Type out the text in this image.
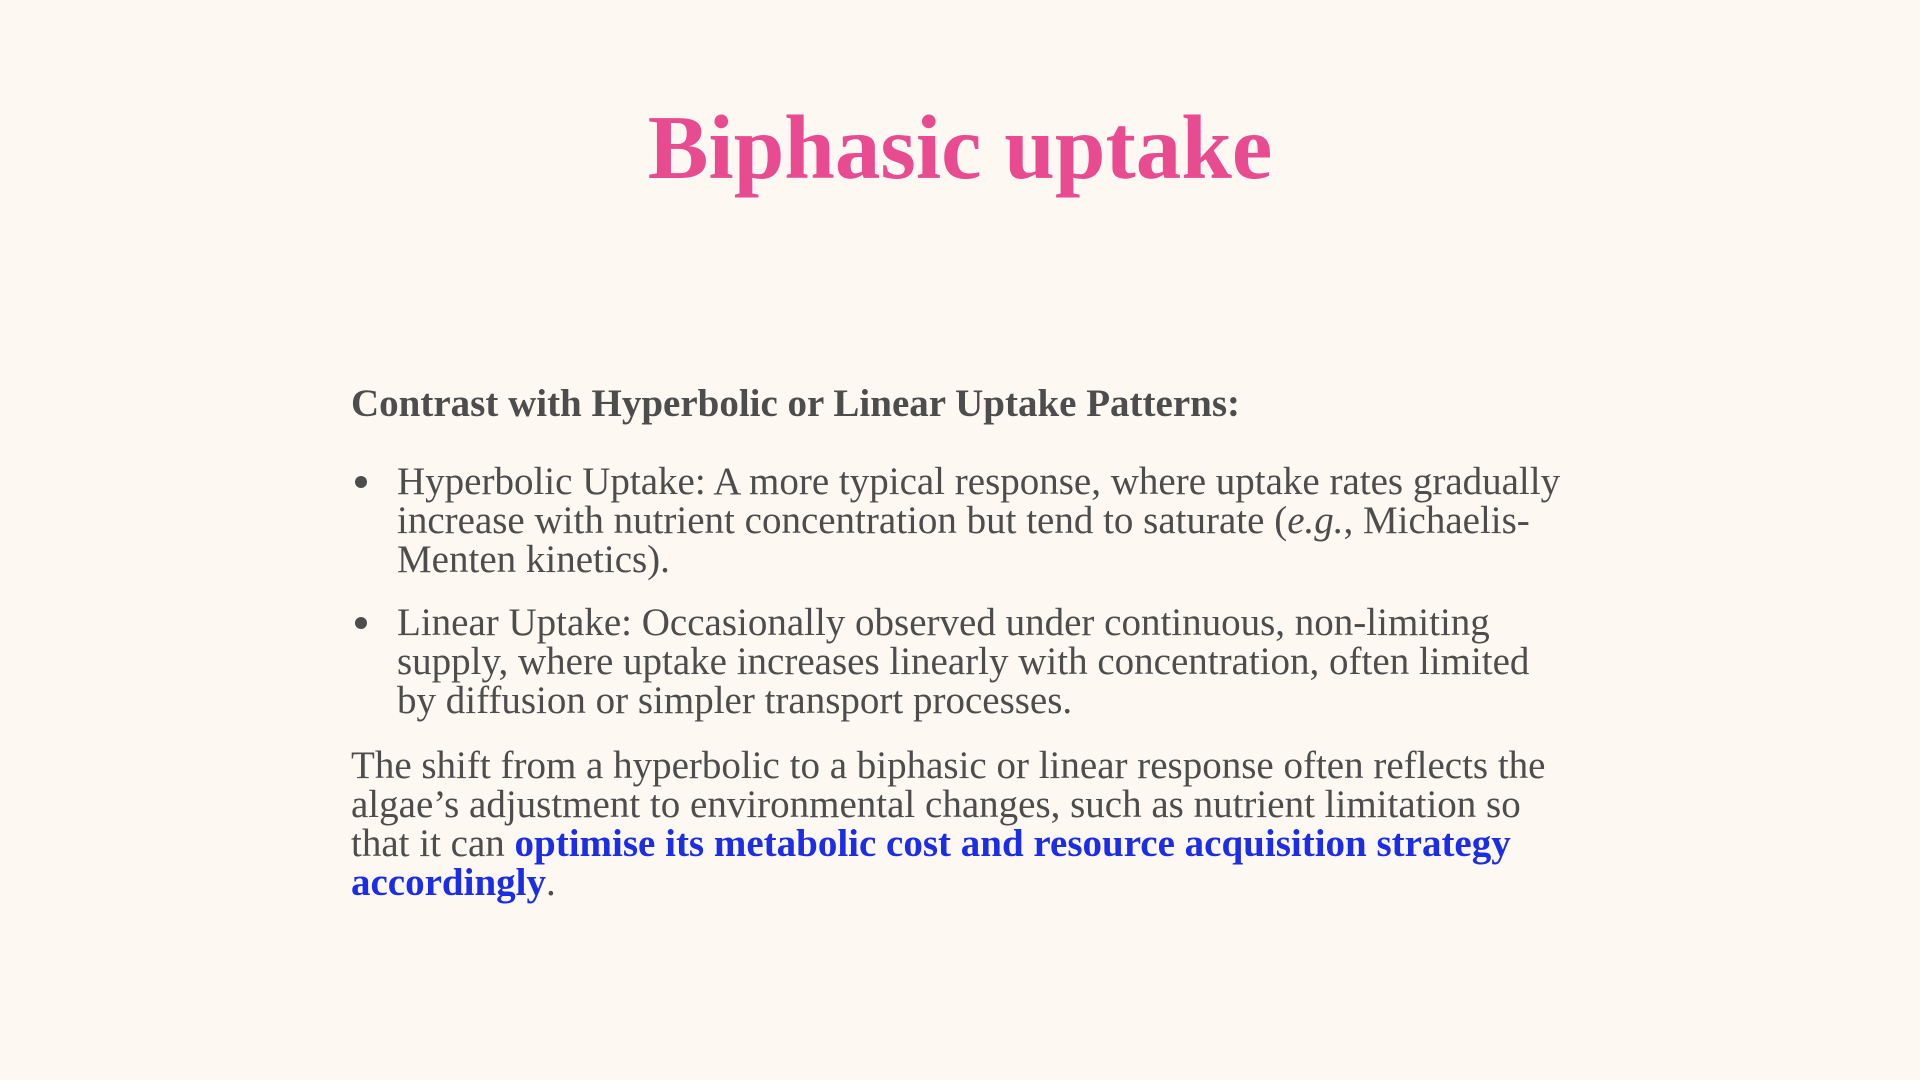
Biphasic uptake
Contrast with Hyperbolic or Linear Uptake Patterns:
Hyperbolic Uptake: A more typical response, where uptake rates gradually increase with nutrient concentration but tend to saturate (e.g., Michaelis-Menten kinetics).
Linear Uptake: Occasionally observed under continuous, non-limiting supply, where uptake increases linearly with concentration, often limited by diffusion or simpler transport processes.

The shift from a hyperbolic to a biphasic or linear response often reflects the algae’s adjustment to environmental changes, such as nutrient limitation so that it can optimise its metabolic cost and resource acquisition strategy accordingly.
